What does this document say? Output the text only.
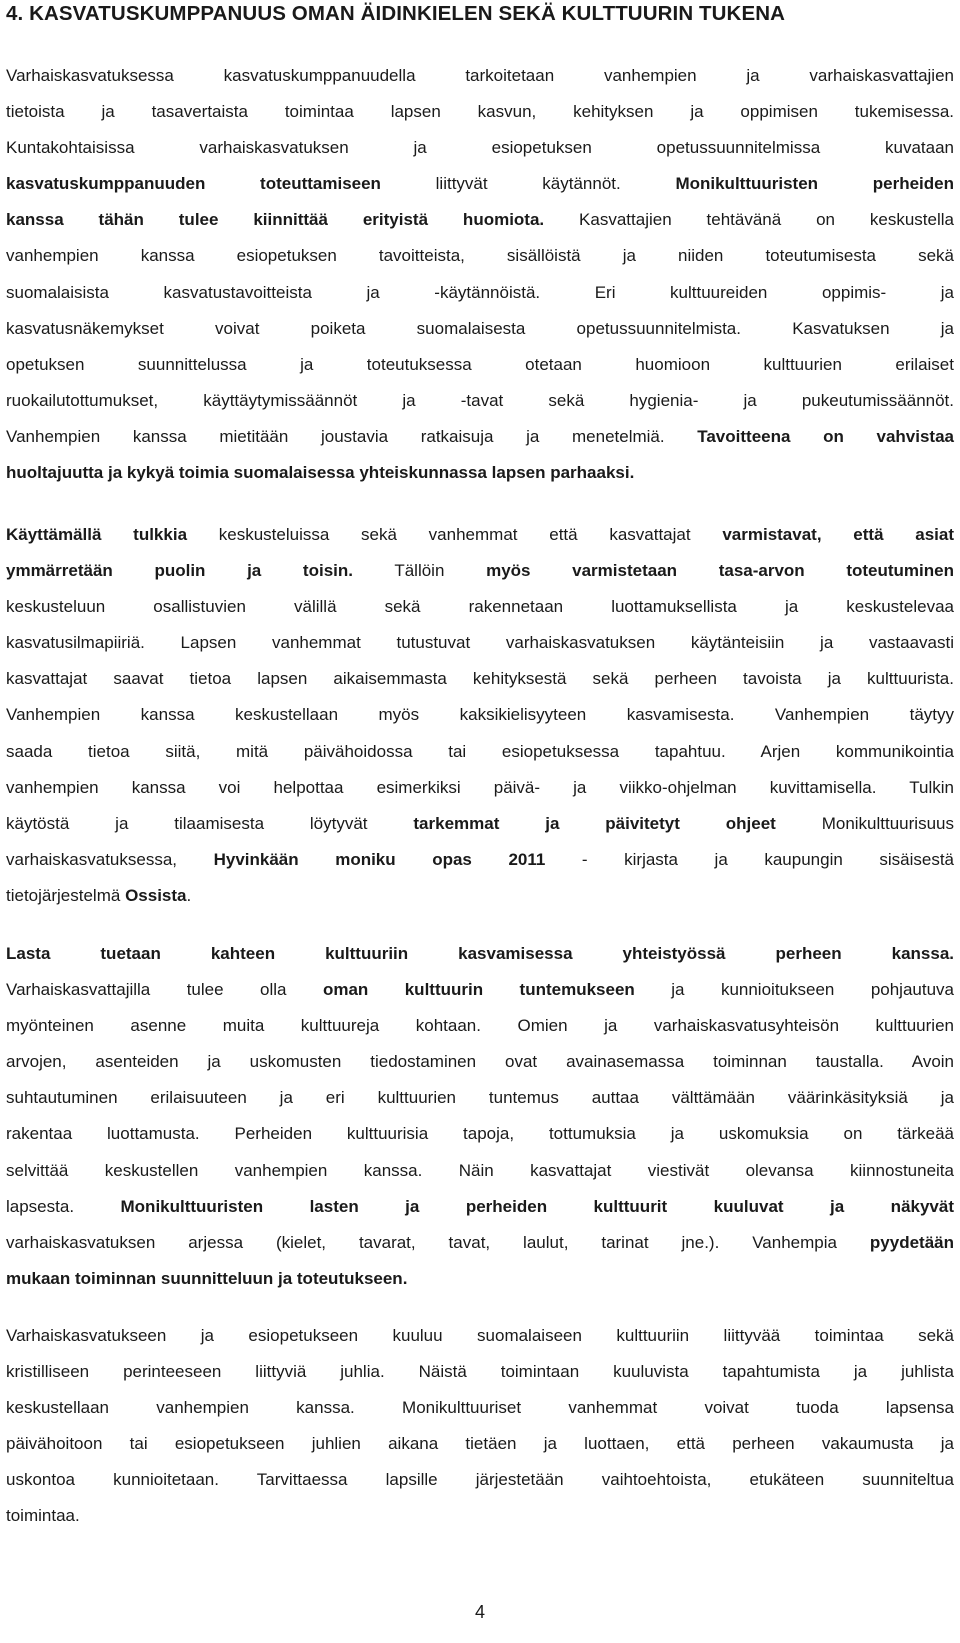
4. KASVATUSKUMPPANUUS OMAN ÄIDINKIELEN SEKÄ KULTTUURIN TUKENA
Varhaiskasvatuksessa kasvatuskumppanuudella tarkoitetaan vanhempien ja varhaiskasvattajien
tietoista ja tasavertaista toimintaa lapsen kasvun, kehityksen ja oppimisen tukemisessa.
Kuntakohtaisissa varhaiskasvatuksen ja esiopetuksen opetussuunnitelmissa kuvataan
kasvatuskumppanuuden toteuttamiseen liittyvät käytännöt. Monikulttuuristen perheiden
kanssa tähän tulee kiinnittää erityistä huomiota. Kasvattajien tehtävänä on keskustella
vanhempien kanssa esiopetuksen tavoitteista, sisällöistä ja niiden toteutumisesta sekä
suomalaisista kasvatustavoitteista ja -käytännöistä. Eri kulttuureiden oppimis- ja
kasvatusnäkemykset voivat poiketa suomalaisesta opetussuunnitelmista. Kasvatuksen ja
opetuksen suunnittelussa ja toteutuksessa otetaan huomioon kulttuurien erilaiset
ruokailutottumukset, käyttäytymissäännöt ja -tavat sekä hygienia- ja pukeutumissäännöt.
Vanhempien kanssa mietitään joustavia ratkaisuja ja menetelmiä. Tavoitteena on vahvistaa
huoltajuutta ja kykyä toimia suomalaisessa yhteiskunnassa lapsen parhaaksi.
Käyttämällä tulkkia keskusteluissa sekä vanhemmat että kasvattajat varmistavat, että asiat
ymmärretään puolin ja toisin. Tällöin myös varmistetaan tasa-arvon toteutuminen
keskusteluun osallistuvien välillä sekä rakennetaan luottamuksellista ja keskustelevaa
kasvatusilmapiiriä. Lapsen vanhemmat tutustuvat varhaiskasvatuksen käytänteisiin ja vastaavasti
kasvattajat saavat tietoa lapsen aikaisemmasta kehityksestä sekä perheen tavoista ja kulttuurista.
Vanhempien kanssa keskustellaan myös kaksikielisyyteen kasvamisesta. Vanhempien täytyy
saada tietoa siitä, mitä päivähoidossa tai esiopetuksessa tapahtuu. Arjen kommunikointia
vanhempien kanssa voi helpottaa esimerkiksi päivä- ja viikko-ohjelman kuvittamisella. Tulkin
käytöstä ja tilaamisesta löytyvät tarkemmat ja päivitetyt ohjeet Monikulttuurisuus
varhaiskasvatuksessa, Hyvinkään moniku opas 2011 - kirjasta ja kaupungin sisäisestä
tietojärjestelmä Ossista.
Lasta tuetaan kahteen kulttuuriin kasvamisessa yhteistyössä perheen kanssa.
Varhaiskasvattajilla tulee olla oman kulttuurin tuntemukseen ja kunnioitukseen pohjautuva
myönteinen asenne muita kulttuureja kohtaan. Omien ja varhaiskasvatusyhteisön kulttuurien
arvojen, asenteiden ja uskomusten tiedostaminen ovat avainasemassa toiminnan taustalla. Avoin
suhtautuminen erilaisuuteen ja eri kulttuurien tuntemus auttaa välttämään väärinkäsityksiä ja
rakentaa luottamusta. Perheiden kulttuurisia tapoja, tottumuksia ja uskomuksia on tärkeää
selvittää keskustellen vanhempien kanssa. Näin kasvattajat viestivät olevansa kiinnostuneita
lapsesta. Monikulttuuristen lasten ja perheiden kulttuurit kuuluvat ja näkyvät
varhaiskasvatuksen arjessa (kielet, tavarat, tavat, laulut, tarinat jne.). Vanhempia pyydetään
mukaan toiminnan suunnitteluun ja toteutukseen.
Varhaiskasvatukseen ja esiopetukseen kuuluu suomalaiseen kulttuuriin liittyvää toimintaa sekä
kristilliseen perinteeseen liittyviä juhlia. Näistä toimintaan kuuluvista tapahtumista ja juhlista
keskustellaan vanhempien kanssa. Monikulttuuriset vanhemmat voivat tuoda lapsensa
päivähoitoon tai esiopetukseen juhlien aikana tietäen ja luottaen, että perheen vakaumusta ja
uskontoa kunnioitetaan. Tarvittaessa lapsille järjestetään vaihtoehtoista, etukäteen suunniteltua
toimintaa.
4
